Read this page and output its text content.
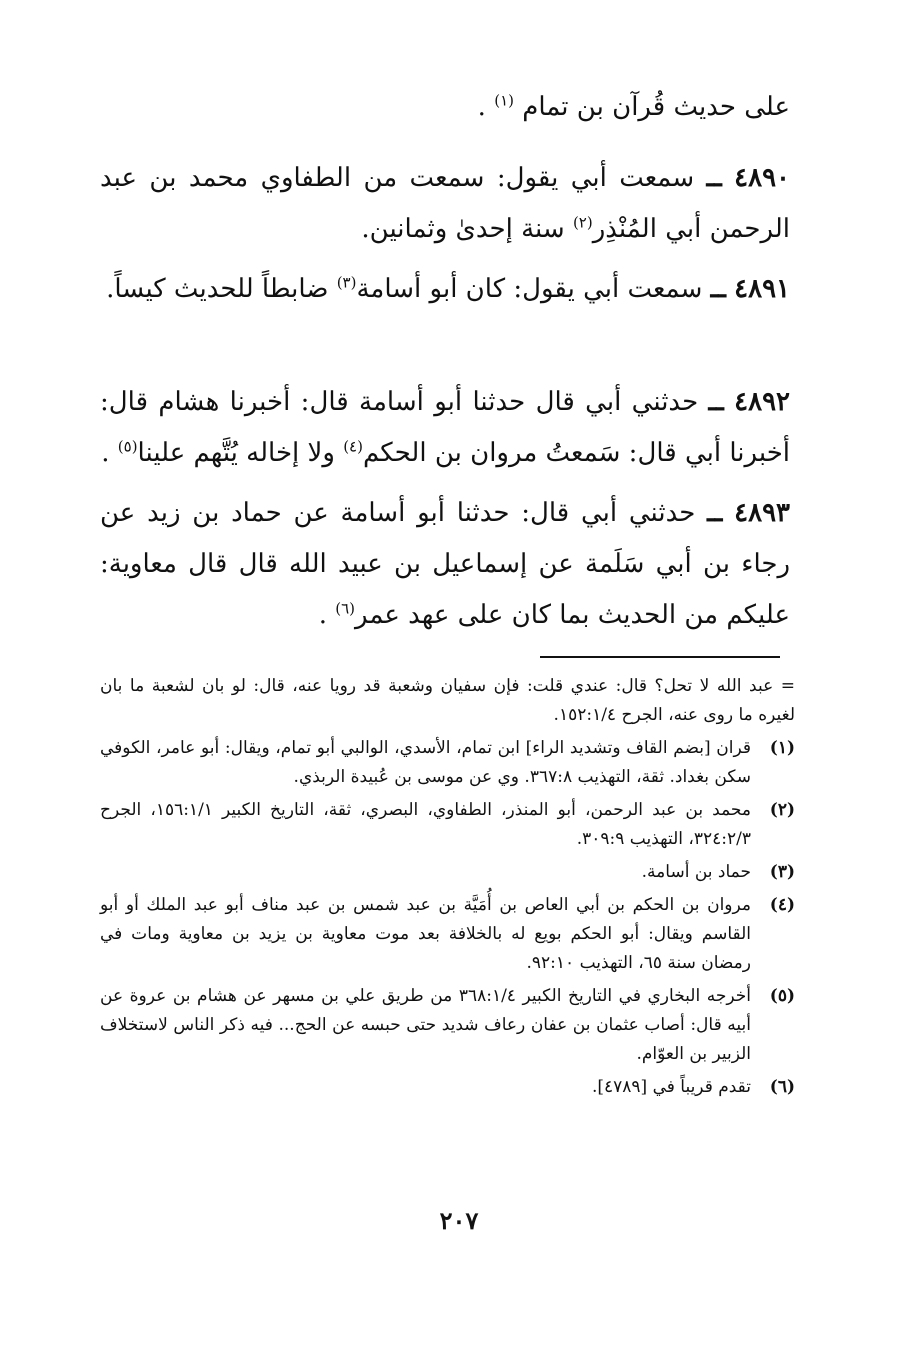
على حديث قُرآن بن تمام $^{(١)}$ .
٤٨٩٠ ــ سمعت أبي يقول: سمعت من الطفاوي محمد بن عبد الرحمن أبي المُنْذِر$^{(٢)}$ سنة إحدىٰ وثمانين.
٤٨٩١ ــ سمعت أبي يقول: كان أبو أسامة$^{(٣)}$ ضابطاً للحديث كيساً.
٤٨٩٢ ــ حدثني أبي قال حدثنا أبو أسامة قال: أخبرنا هشام قال: أخبرنا أبي قال: سَمعتُ مروان بن الحكم$^{(٤)}$ ولا إخاله يُتَّهم علينا$^{(٥)}$ .
٤٨٩٣ ــ حدثني أبي قال: حدثنا أبو أسامة عن حماد بن زيد عن رجاء بن أبي سَلَمة عن إسماعيل بن عبيد الله قال قال معاوية: عليكم من الحديث بما كان على عهد عمر$^{(٦)}$ .
= عبد الله لا تحل؟ قال: عندي قلت: فإن سفيان وشعبة قد رويا عنه، قال: لو بان لشعبة ما بان لغيره ما روى عنه، الجرح ١٥٢:١/٤.
(١)
قران [بضم القاف وتشديد الراء] ابن تمام، الأسدي، الوالبي أبو تمام، ويقال: أبو عامر، الكوفي سكن بغداد. ثقة، التهذيب ٣٦٧:٨. وي عن موسى بن عُبيدة الربذي.
(٢)
محمد بن عبد الرحمن، أبو المنذر، الطفاوي، البصري، ثقة، التاريخ الكبير ١٥٦:١/١، الجرح ٣٢٤:٢/٣، التهذيب ٣٠٩:٩.
(٣)
حماد بن أسامة.
(٤)
مروان بن الحكم بن أبي العاص بن أُمَيَّة بن عبد شمس بن عبد مناف أبو عبد الملك أو أبو القاسم ويقال: أبو الحكم بويع له بالخلافة بعد موت معاوية بن يزيد بن معاوية ومات في رمضان سنة ٦٥، التهذيب ٩٢:١٠.
(٥)
أخرجه البخاري في التاريخ الكبير ٣٦٨:١/٤ من طريق علي بن مسهر عن هشام بن عروة عن أبيه قال: أصاب عثمان بن عفان رعاف شديد حتى حبسه عن الحج... فيه ذكر الناس لاستخلاف الزبير بن العوّام.
(٦)
تقدم قريباً في [٤٧٨٩].
٢٠٧
